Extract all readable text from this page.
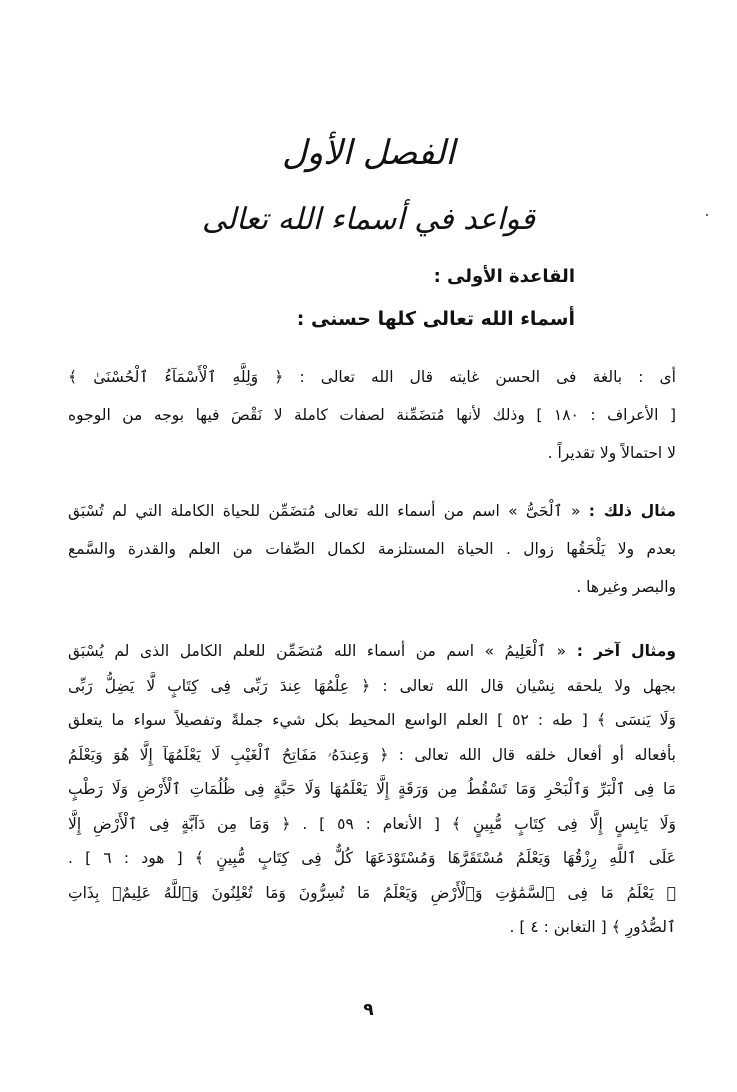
الفصل الأول
قواعد في أسماء الله تعالى
القاعدة الأولى :
أسماء الله تعالى كلها حسنى :
أى : بالغة فى الحسن غايته قال الله تعالى : ﴿ وَلِلَّهِ ٱلْأَسْمَآءُ ٱلْحُسْنَىٰ ﴾
[ الأعراف : ١٨٠ ] وذلك لأنها مُتضَمِّنة لصفات كاملة لا نَقْصَ فيها بوجه من الوجوه
لا احتمالاً ولا تقديراً .
مثال ذلك : « ٱلْحَىُّ » اسم من أسماء الله تعالى مُتضَمِّن للحياة الكاملة التي لم تُسْبَق
بعدم ولا يَلْحَقُها زوال . الحياة المستلزمة لكمال الصِّفات من العلم والقدرة والسَّمع
والبصر وغيرها .
ومثال آخر : « ٱلْعَلِيمُ » اسم من أسماء الله مُتضَمِّن للعلم الكامل الذى لم يُسْبَق
بجهل ولا يلحقه نِسْيان قال الله تعالى : ﴿ عِلْمُهَا عِندَ رَبِّى فِى كِتَابٍ لَّا يَضِلُّ رَبِّى
وَلَا يَنسَى ﴾ [ طه : ٥٢ ] العلم الواسع المحيط بكل شيء جملةً وتفصيلاً سواء ما يتعلق
بأفعاله أو أفعال خلقه قال الله تعالى : ﴿ وَعِندَهُۥ مَفَاتِحُ ٱلْغَيْبِ لَا يَعْلَمُهَآ إِلَّا هُوَ وَيَعْلَمُ
مَا فِى ٱلْبَرِّ وَٱلْبَحْرِ وَمَا تَسْقُطُ مِن وَرَقَةٍ إِلَّا يَعْلَمُهَا وَلَا حَبَّةٍ فِى ظُلُمَاتِ ٱلْأَرْضِ وَلَا رَطْبٍ
وَلَا يَابِسٍ إِلَّا فِى كِتَابٍ مُّبِينٍ ﴾ [ الأنعام : ٥٩ ] . ﴿ وَمَا مِن دَآبَّةٍ فِى ٱلْأَرْضِ إِلَّا
عَلَى ٱللَّهِ رِزْقُهَا وَيَعْلَمُ مُسْتَقَرَّهَا وَمُسْتَوْدَعَهَا كُلٌّ فِى كِتَابٍ مُّبِينٍ ﴾ [ هود : ٦ ] .
﴿ يَعْلَمُ مَا فِى ٱلسَّمَٰوَٰتِ وَٱلْأَرْضِ وَيَعْلَمُ مَا تُسِرُّونَ وَمَا تُعْلِنُونَ وَٱللَّهُ عَلِيمٌۢ بِذَاتِ
ٱلصُّدُورِ ﴾ [ التغابن : ٤ ] .
٩
